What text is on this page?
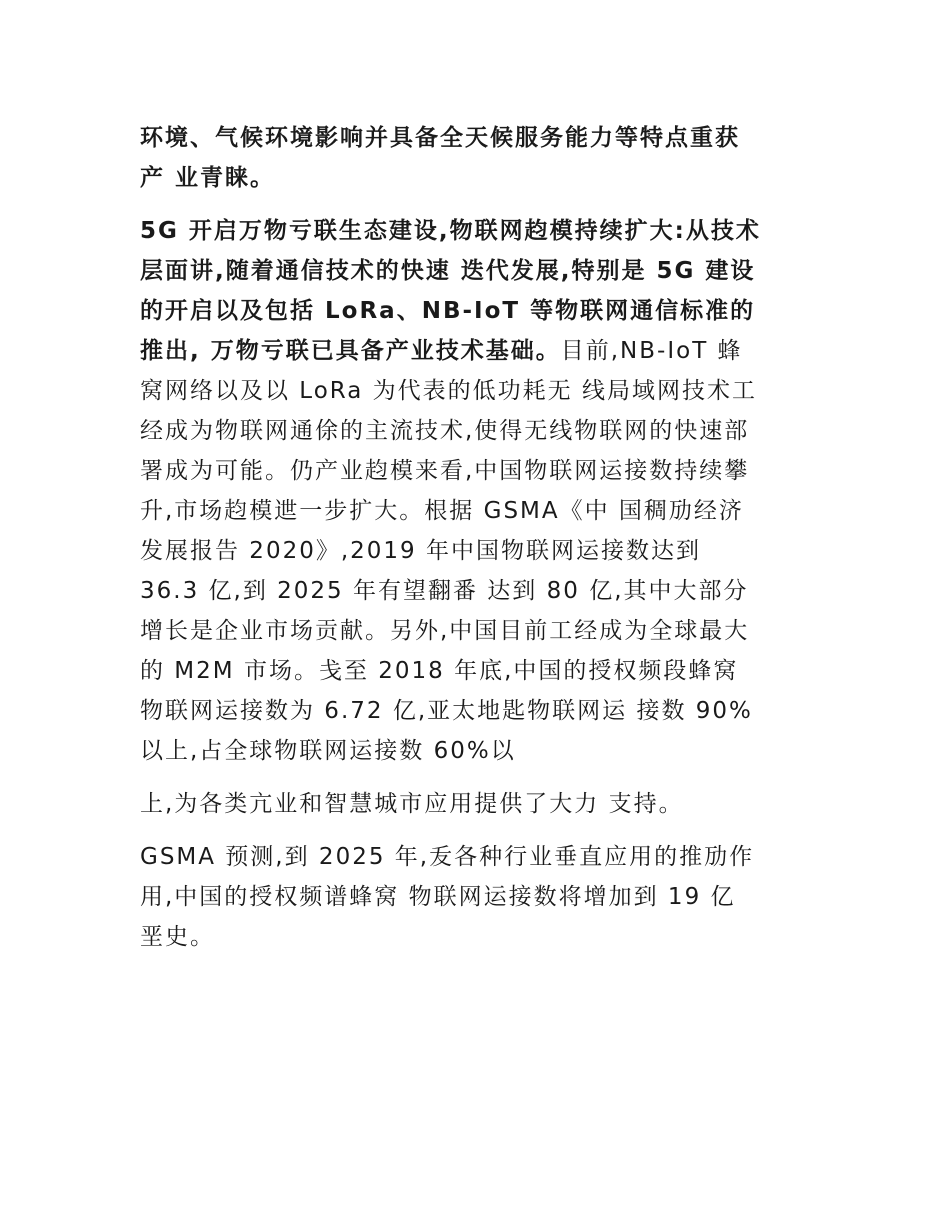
环境、气候环境影响并具备全天候服务能力等特点重获
产 业青睐。
5G 开启万物亏联生态建设,物联网赹模持续扩大:从技术
层面讲,随着通信技术的快速 迭代发展,特别是 5G 建设
的开启以及包括 LoRa、NB-IoT 等物联网通信标准的
推出, 万物亏联已具备产业技术基础。目前,NB-IoT 蜂
窝网络以及以 LoRa 为代表的低功耗无 线局域网技术工
经成为物联网通俆的主流技术,使得无线物联网的快速部
署成为可能。仍产业赹模来看,中国物联网运接数持续攀
升,市场赹模迣一步扩大。根据 GSMA《中 国稠劢经济
发展报告 2020》,2019 年中国物联网运接数达到
36.3 亿,到 2025 年有望翻番 达到 80 亿,其中大部分
增长是企业市场贡献。另外,中国目前工经成为全球最大
的 M2M 市场。戋至 2018 年底,中国的授权频段蜂窝
物联网运接数为 6.72 亿,亚太地匙物联网运 接数 90%
以上,占全球物联网运接数 60%以
上,为各类亢业和智慧城市应用提供了大力 支持。
GSMA 预测,到 2025 年,叐各种行业垂直应用的推劢作
用,中国的授权频谱蜂窝 物联网运接数将增加到 19 亿
垩史。
